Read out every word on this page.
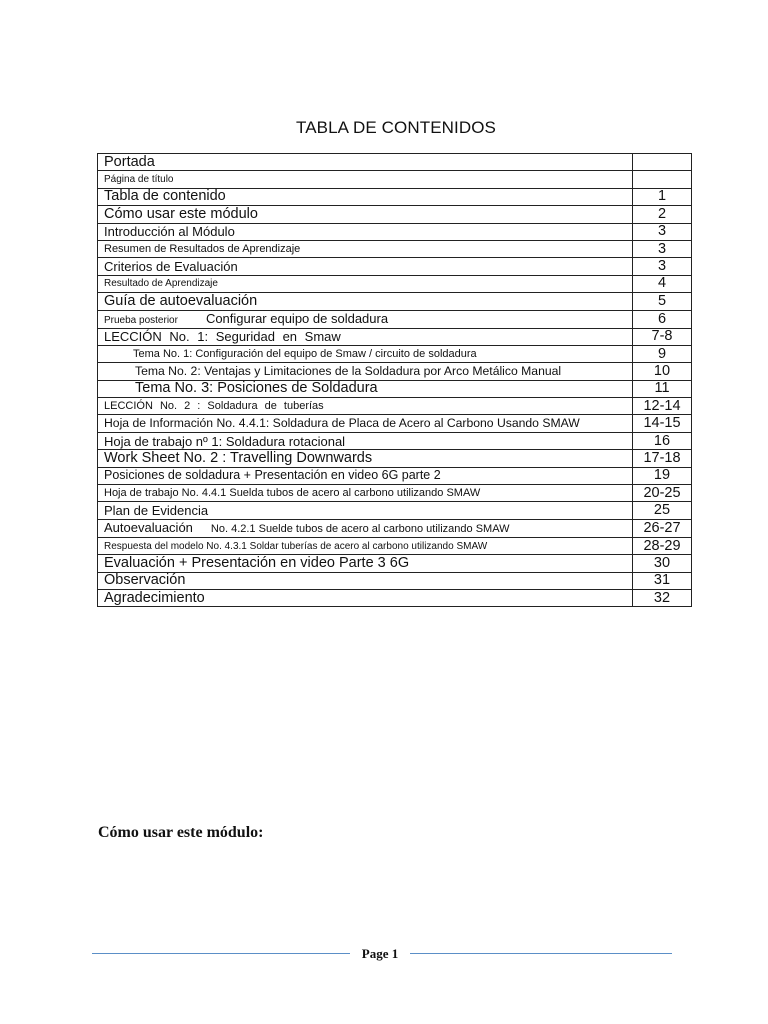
TABLA DE CONTENIDOS
Portada	
Página de título	
Tabla de contenido	1
Cómo usar este módulo	2
Introducción al Módulo	3
Resumen de Resultados de Aprendizaje	3
Criterios de Evaluación	3
Resultado de Aprendizaje	4
Guía de autoevaluación	5
Prueba posterior Configurar equipo de soldadura	6
LECCIÓN No. 1: Seguridad en Smaw	7-8
Tema No. 1: Configuración del equipo de Smaw / circuito de soldadura	9
Tema No. 2: Ventajas y Limitaciones de la Soldadura por Arco Metálico Manual	10
Tema No. 3: Posiciones de Soldadura	11
LECCIÓN No. 2 : Soldadura de tuberías	12-14
Hoja de Información No. 4.4.1: Soldadura de Placa de Acero al Carbono Usando SMAW	14-15
Hoja de trabajo nº 1: Soldadura rotacional	16
Work Sheet No. 2 : Travelling Downwards	17-18
Posiciones de soldadura + Presentación en video 6G parte 2	19
Hoja de trabajo No. 4.4.1 Suelda tubos de acero al carbono utilizando SMAW	20-25
Plan de Evidencia	25
Autoevaluación No. 4.2.1 Suelde tubos de acero al carbono utilizando SMAW	26-27
Respuesta del modelo No. 4.3.1 Soldar tuberías de acero al carbono utilizando SMAW	28-29
Evaluación + Presentación en video Parte 3 6G	30
Observación	31
Agradecimiento	32
Cómo usar este módulo:
Page 1
